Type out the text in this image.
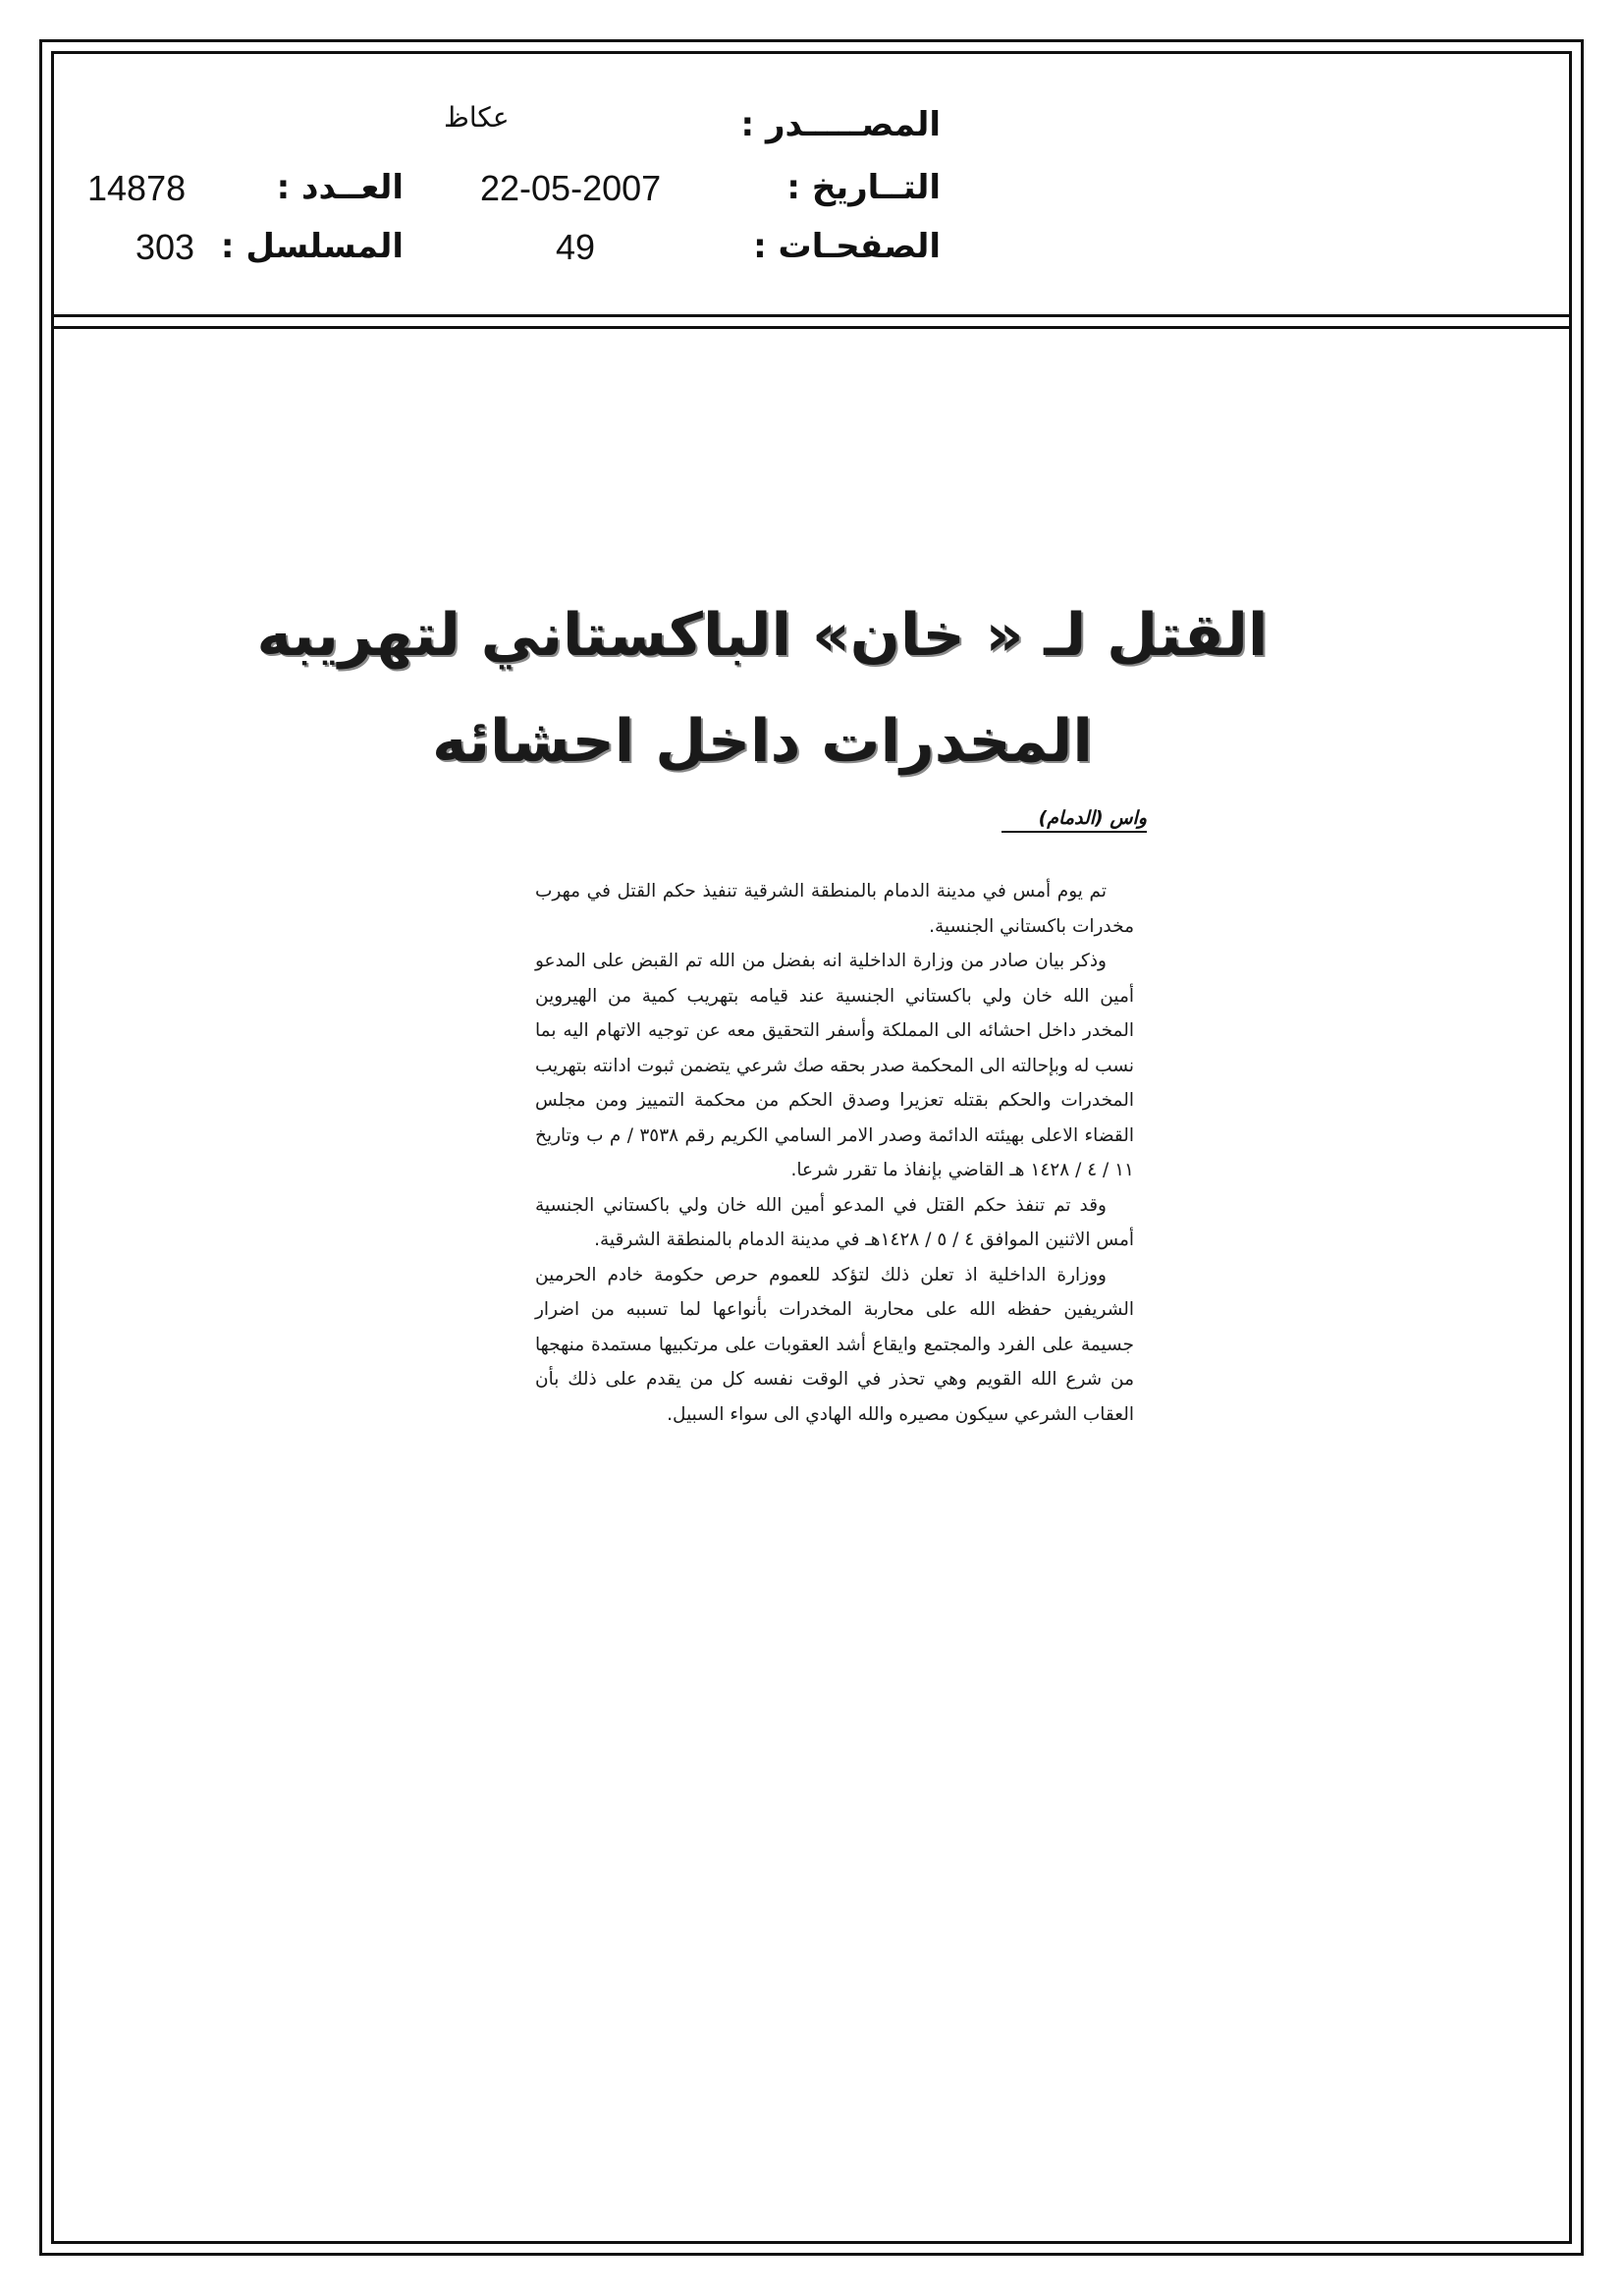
عكاظ	المصـــــدر :
14878	العــدد : 22-05-2007	التــاريخ :
303 المسلسل :	49	الصفحـات :
القتل لـ « خان» الباكستاني لتهريبه
المخدرات داخل احشائه
واس (الدمام)

تم يوم أمس في مدينة الدمام بالمنطقة الشرقية تنفيذ حكم القتل في مهرب مخدرات باكستاني الجنسية.

وذكر بيان صادر من وزارة الداخلية انه بفضل من الله تم القبض على المدعو أمين الله خان ولي باكستاني الجنسية عند قيامه بتهريب كمية من الهيروين المخدر داخل احشائه الى المملكة وأسفر التحقيق معه عن توجيه الاتهام اليه بما نسب له وبإحالته الى المحكمة صدر بحقه صك شرعي يتضمن ثبوت ادانته بتهريب المخدرات والحكم بقتله تعزيرا وصدق الحكم من محكمة التمييز ومن مجلس القضاء الاعلى بهيئته الدائمة وصدر الامر السامي الكريم رقم ٣٥٣٨ / م ب وتاريخ ١١ / ٤ / ١٤٢٨ هـ القاضي بإنفاذ ما تقرر شرعا.

وقد تم تنفذ حكم القتل في المدعو أمين الله خان ولي باكستاني الجنسية أمس الاثنين الموافق ٤ / ٥ / ١٤٢٨هـ في مدينة الدمام بالمنطقة الشرقية.

ووزارة الداخلية اذ تعلن ذلك لتؤكد للعموم حرص حكومة خادم الحرمين الشريفين حفظه الله على محاربة المخدرات بأنواعها لما تسببه من اضرار جسيمة على الفرد والمجتمع وايقاع أشد العقوبات على مرتكبيها مستمدة منهجها من شرع الله القويم وهي تحذر في الوقت نفسه كل من يقدم على ذلك بأن العقاب الشرعي سيكون مصيره والله الهادي الى سواء السبيل.
